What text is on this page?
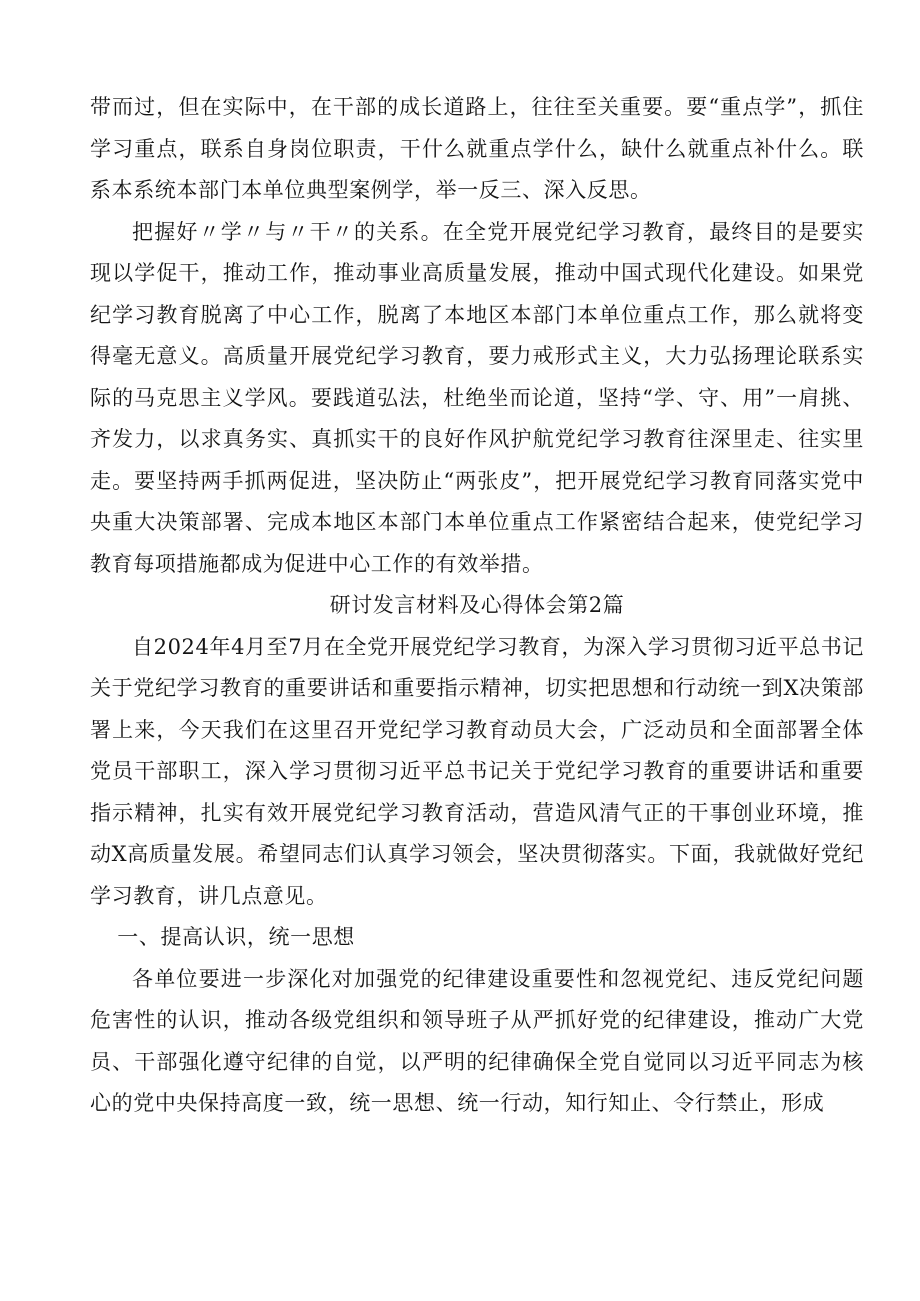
带而过，但在实际中，在干部的成长道路上，往往至关重要。要“重点学”，抓住学习重点，联系自身岗位职责，干什么就重点学什么，缺什么就重点补什么。联系本系统本部门本单位典型案例学，举一反三、深入反思。

把握好〃学〃与〃干〃的关系。在全党开展党纪学习教育，最终目的是要实现以学促干，推动工作，推动事业高质量发展，推动中国式现代化建设。如果党纪学习教育脱离了中心工作，脱离了本地区本部门本单位重点工作，那么就将变得毫无意义。高质量开展党纪学习教育，要力戒形式主义，大力弘扬理论联系实际的马克思主义学风。要践道弘法，杜绝坐而论道，坚持“学、守、用”一肩挑、齐发力，以求真务实、真抓实干的良好作风护航党纪学习教育往深里走、往实里走。要坚持两手抓两促进，坚决防止“两张皮”，把开展党纪学习教育同落实党中央重大决策部署、完成本地区本部门本单位重点工作紧密结合起来，使党纪学习教育每项措施都成为促进中心工作的有效举措。

研讨发言材料及心得体会第2篇

自2024年4月至7月在全党开展党纪学习教育，为深入学习贯彻习近平总书记关于党纪学习教育的重要讲话和重要指示精神，切实把思想和行动统一到X决策部署上来，今天我们在这里召开党纪学习教育动员大会，广泛动员和全面部署全体党员干部职工，深入学习贯彻习近平总书记关于党纪学习教育的重要讲话和重要指示精神，扎实有效开展党纪学习教育活动，营造风清气正的干事创业环境，推动X高质量发展。希望同志们认真学习领会，坚决贯彻落实。下面，我就做好党纪学习教育，讲几点意见。

一、提高认识，统一思想

各单位要进一步深化对加强党的纪律建设重要性和忽视党纪、违反党纪问题危害性的认识，推动各级党组织和领导班子从严抓好党的纪律建设，推动广大党员、干部强化遵守纪律的自觉，以严明的纪律确保全党自觉同以习近平同志为核心的党中央保持高度一致，统一思想、统一行动，知行知止、令行禁止，形成
